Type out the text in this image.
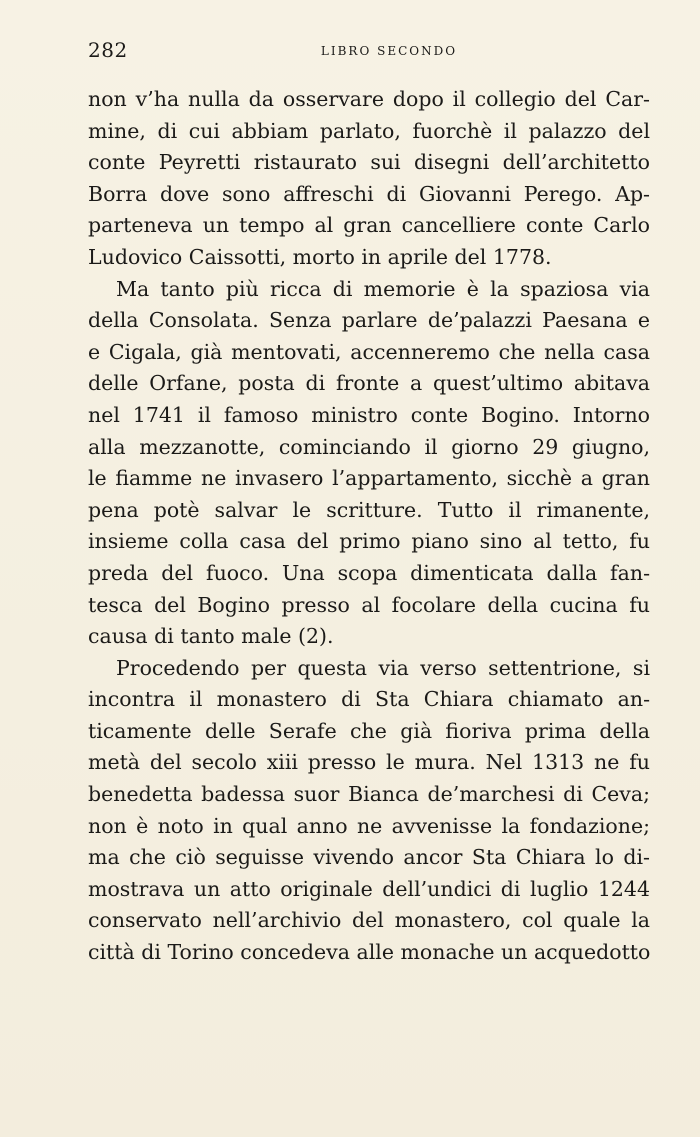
282	LIBRO SECONDO
non v’ha nulla da osservare dopo il collegio del Car-
mine, di cui abbiam parlato, fuorchè il palazzo del
conte Peyretti ristaurato sui disegni dell’architetto
Borra dove sono affreschi di Giovanni Perego. Ap-
parteneva un tempo al gran cancelliere conte Carlo
Ludovico Caissotti, morto in aprile del 1778.
Ma tanto più ricca di memorie è la spaziosa via
della Consolata. Senza parlare de’palazzi Paesana e
e Cigala, già mentovati, accenneremo che nella casa
delle Orfane, posta di fronte a quest’ultimo abitava
nel 1741 il famoso ministro conte Bogino. Intorno
alla mezzanotte, cominciando il giorno 29 giugno,
le fiamme ne invasero l’appartamento, sicchè a gran
pena potè salvar le scritture. Tutto il rimanente,
insieme colla casa del primo piano sino al tetto, fu
preda del fuoco. Una scopa dimenticata dalla fan-
tesca del Bogino presso al focolare della cucina fu
causa di tanto male (2).
Procedendo per questa via verso settentrione, si
incontra il monastero di Sta Chiara chiamato an-
ticamente delle Serafe che già fioriva prima della
metà del secolo xiii presso le mura. Nel 1313 ne fu
benedetta badessa suor Bianca de’marchesi di Ceva;
non è noto in qual anno ne avvenisse la fondazione;
ma che ciò seguisse vivendo ancor Sta Chiara lo di-
mostrava un atto originale dell’undici di luglio 1244
conservato nell’archivio del monastero, col quale la
città di Torino concedeva alle monache un acquedotto
